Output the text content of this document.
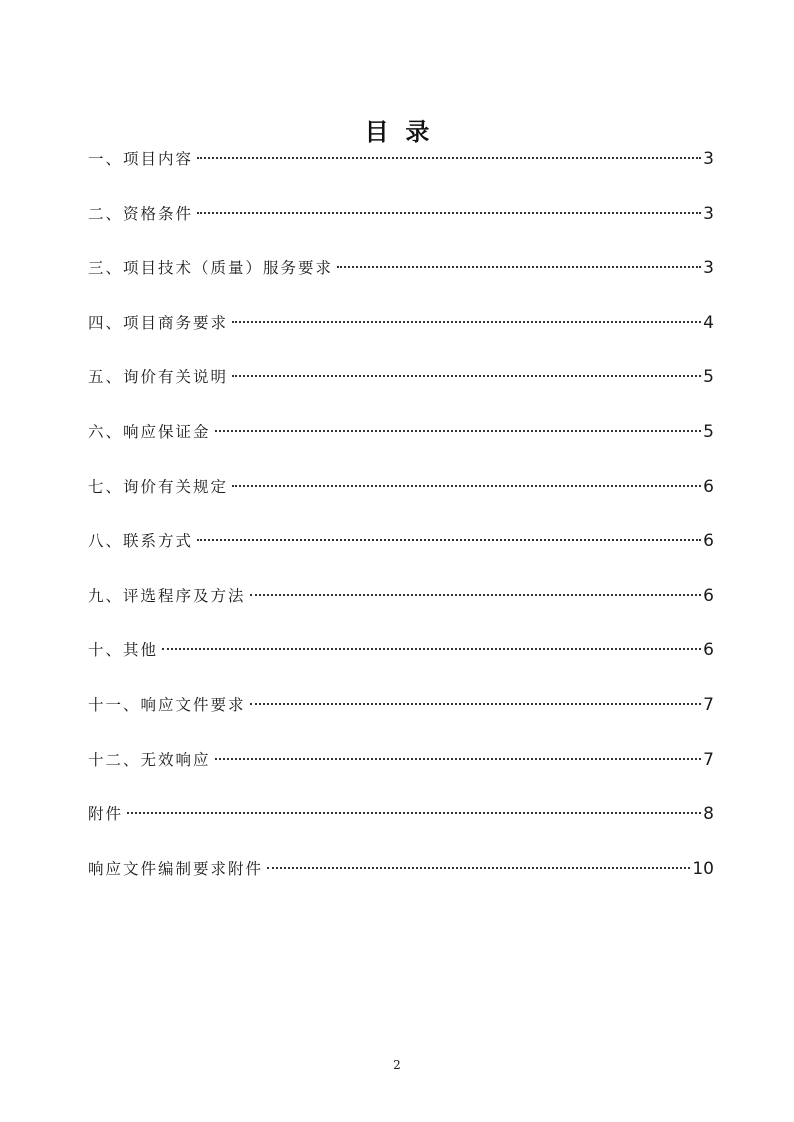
目  录
一、项目内容	3
二、资格条件	3
三、项目技术（质量）服务要求	3
四、项目商务要求	4
五、询价有关说明	5
六、响应保证金	5
七、询价有关规定	6
八、联系方式	6
九、评选程序及方法	6
十、其他	6
十一、响应文件要求	7
十二、无效响应	7
附件	8
响应文件编制要求附件	10
2
